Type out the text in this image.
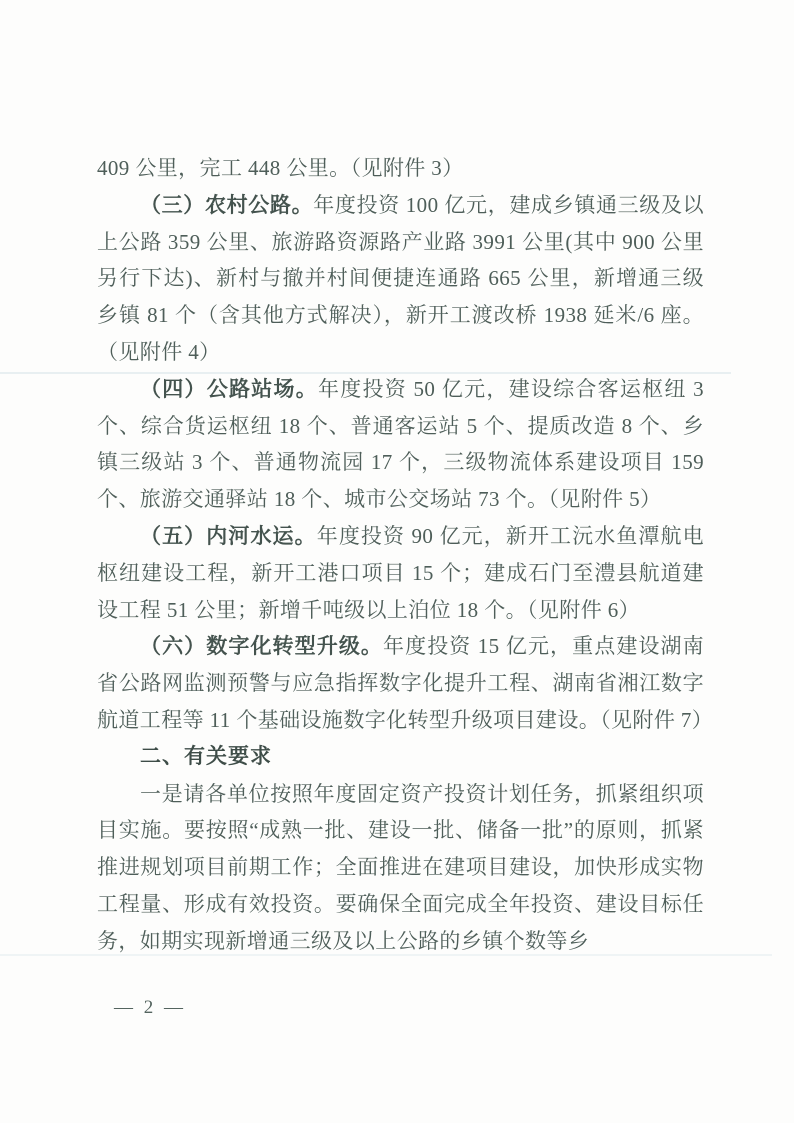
409 公里，完工 448 公里。（见附件 3）

（三）农村公路。年度投资 100 亿元，建成乡镇通三级及以上公路 359 公里、旅游路资源路产业路 3991 公里(其中 900 公里另行下达)、新村与撤并村间便捷连通路 665 公里，新增通三级乡镇 81 个（含其他方式解决），新开工渡改桥 1938 延米/6 座。（见附件 4）

（四）公路站场。年度投资 50 亿元，建设综合客运枢纽 3 个、综合货运枢纽 18 个、普通客运站 5 个、提质改造 8 个、乡镇三级站 3 个、普通物流园 17 个，三级物流体系建设项目 159 个、旅游交通驿站 18 个、城市公交场站 73 个。（见附件 5）

（五）内河水运。年度投资 90 亿元，新开工沅水鱼潭航电枢纽建设工程，新开工港口项目 15 个；建成石门至澧县航道建设工程 51 公里；新增千吨级以上泊位 18 个。（见附件 6）

（六）数字化转型升级。年度投资 15 亿元，重点建设湖南省公路网监测预警与应急指挥数字化提升工程、湖南省湘江数字航道工程等 11 个基础设施数字化转型升级项目建设。（见附件 7）

二、有关要求

一是请各单位按照年度固定资产投资计划任务，抓紧组织项目实施。要按照“成熟一批、建设一批、储备一批”的原则，抓紧推进规划项目前期工作；全面推进在建项目建设，加快形成实物工程量、形成有效投资。要确保全面完成全年投资、建设目标任务，如期实现新增通三级及以上公路的乡镇个数等乡

— 2 —
